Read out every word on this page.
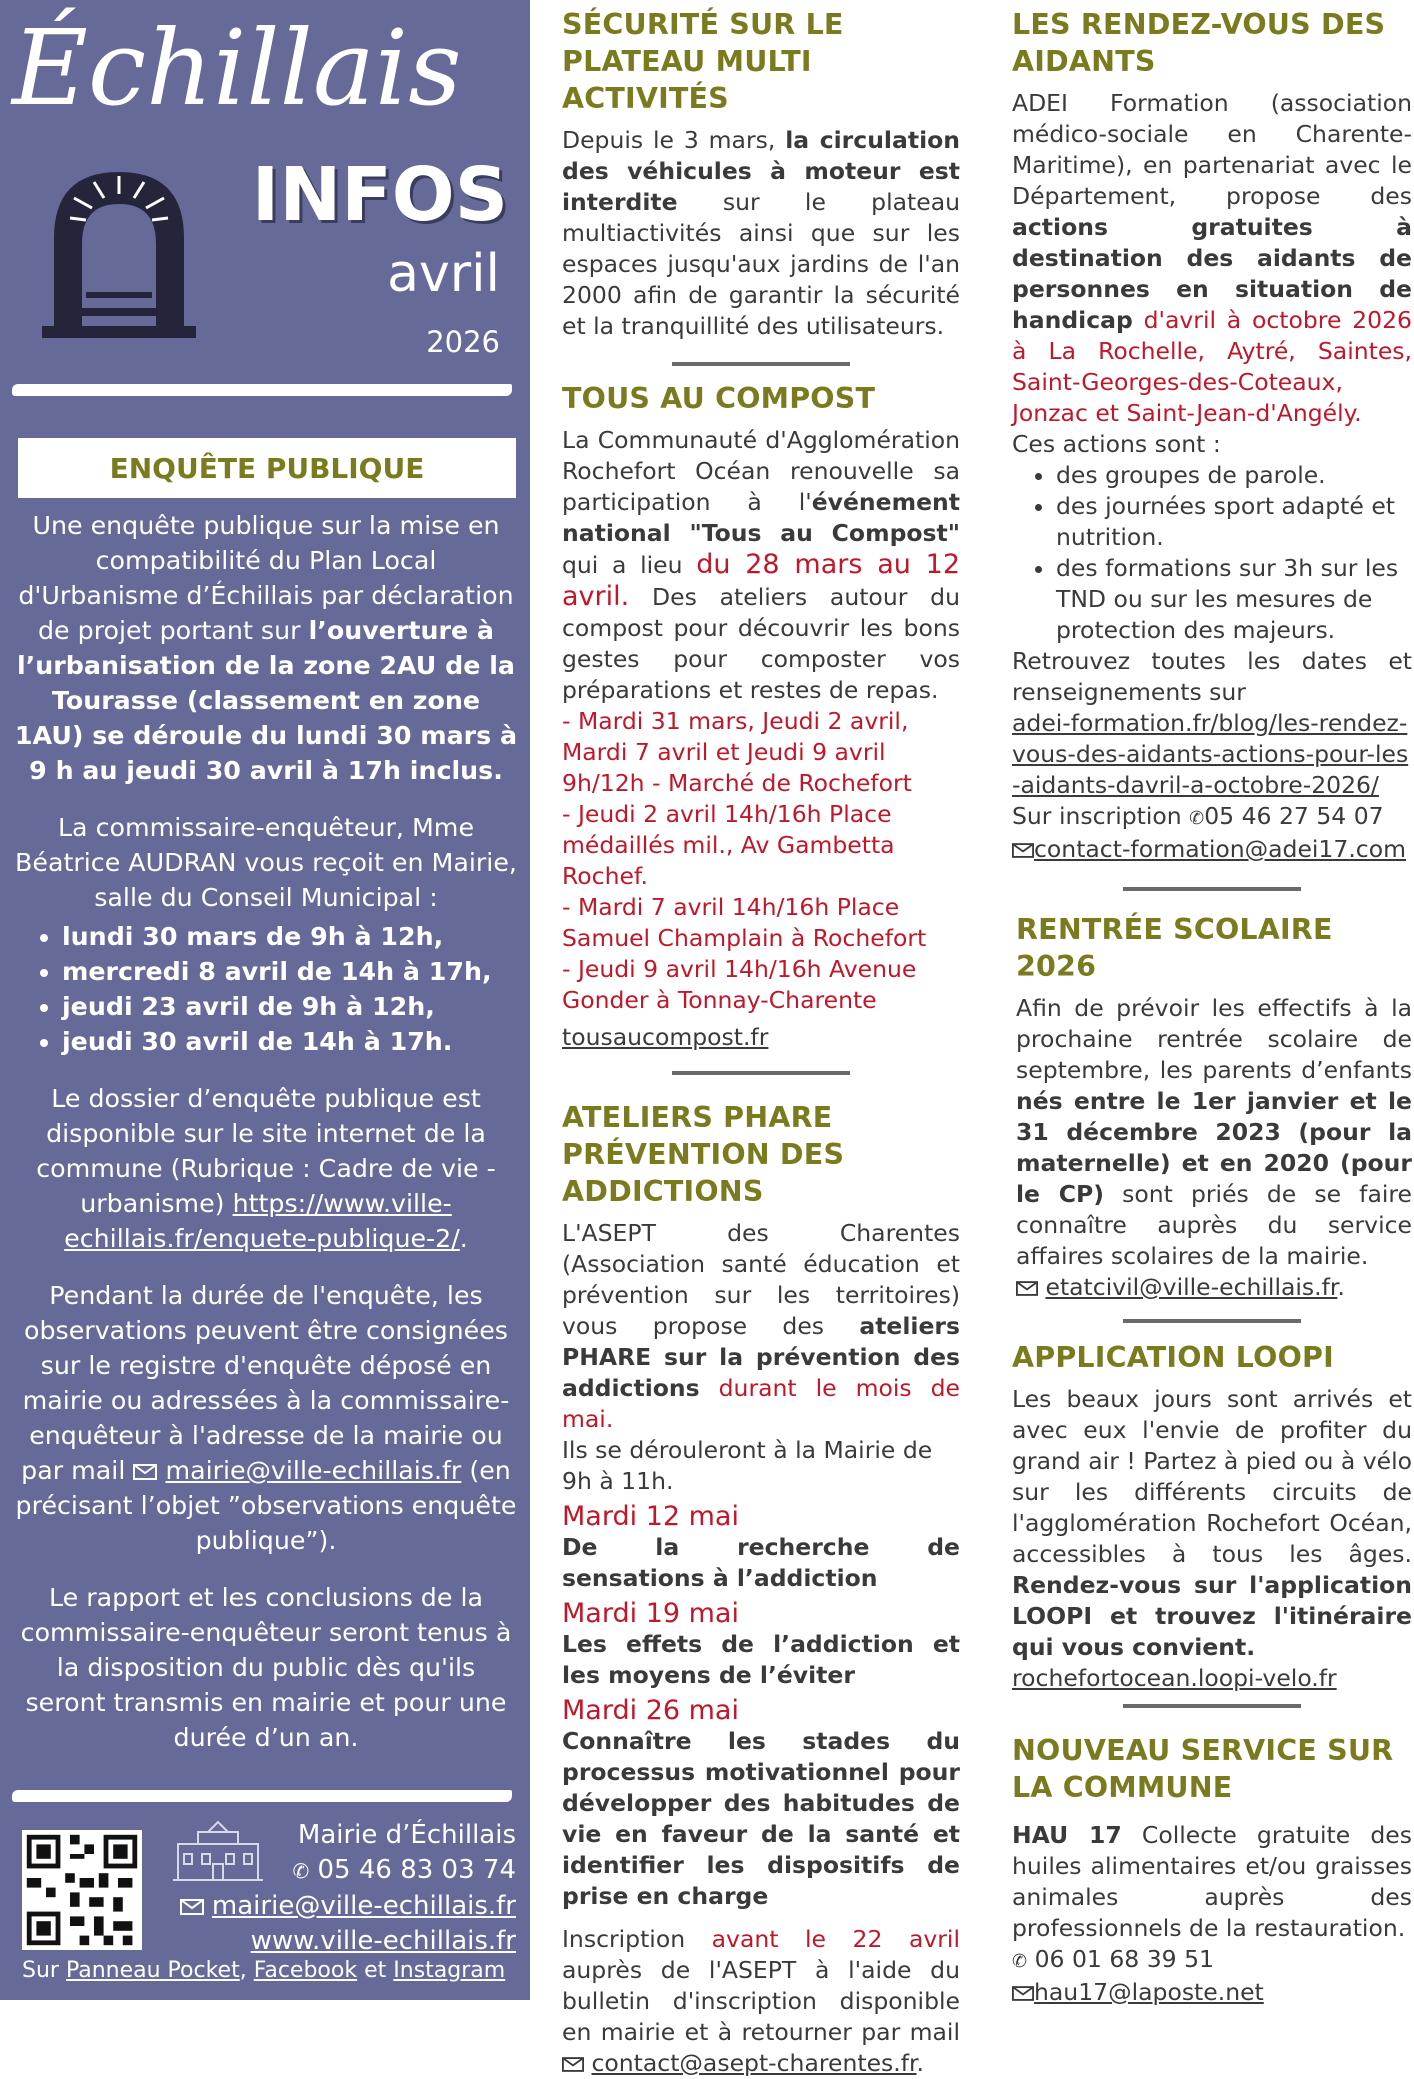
Échillais
INFOS
avril
2026
ENQUÊTE PUBLIQUE

Une enquête publique sur la mise en compatibilité du Plan Local d'Urbanisme d’Échillais par déclaration de projet portant sur l’ouverture à l’urbanisation de la zone 2AU de la Tourasse (classement en zone 1AU) se déroule du lundi 30 mars à 9 h au jeudi 30 avril à 17h inclus.

La commissaire-enquêteur, Mme Béatrice AUDRAN vous reçoit en Mairie, salle du Conseil Municipal :

• lundi 30 mars de 9h à 12h,
• mercredi 8 avril de 14h à 17h,
• jeudi 23 avril de 9h à 12h,
• jeudi 30 avril de 14h à 17h.

Le dossier d’enquête publique est disponible sur le site internet de la commune (Rubrique : Cadre de vie - urbanisme) https://www.ville-echillais.fr/enquete-publique-2/.

Pendant la durée de l'enquête, les observations peuvent être consignées sur le registre d'enquête déposé en mairie ou adressées à la commissaire-enquêteur à l'adresse de la mairie ou par mail mairie@ville-echillais.fr (en précisant l’objet ”observations enquête publique”).

Le rapport et les conclusions de la commissaire-enquêteur seront tenus à la disposition du public dès qu'ils seront transmis en mairie et pour une durée d’un an.

Mairie d’Échillais
✆ 05 46 83 03 74
mairie@ville-echillais.fr
www.ville-echillais.fr
Sur Panneau Pocket, Facebook et Instagram
SÉCURITÉ SUR LE PLATEAU MULTI ACTIVITÉS
Depuis le 3 mars, la circulation des véhicules à moteur est interdite sur le plateau multiactivités ainsi que sur les espaces jusqu'aux jardins de l'an 2000 afin de garantir la sécurité et la tranquillité des utilisateurs.
TOUS AU COMPOST
La Communauté d'Agglomération Rochefort Océan renouvelle sa participation à l'événement national "Tous au Compost" qui a lieu du 28 mars au 12 avril. Des ateliers autour du compost pour découvrir les bons gestes pour composter vos préparations et restes de repas.

- Mardi 31 mars, Jeudi 2 avril, Mardi 7 avril et Jeudi 9 avril 9h/12h - Marché de Rochefort

- Jeudi 2 avril 14h/16h Place médaillés mil., Av Gambetta Rochef.

- Mardi 7 avril 14h/16h Place Samuel Champlain à Rochefort

- Jeudi 9 avril 14h/16h Avenue Gonder à Tonnay-Charente

tousaucompost.fr
ATELIERS PHARE PRÉVENTION DES ADDICTIONS
L'ASEPT des Charentes (Association santé éducation et prévention sur les territoires) vous propose des ateliers PHARE sur la prévention des addictions durant le mois de mai.

Ils se dérouleront à la Mairie de 9h à 11h.

Mardi 12 mai
De la recherche de sensations à l’addiction
Mardi 19 mai
Les effets de l’addiction et les moyens de l’éviter
Mardi 26 mai
Connaître les stades du processus motivationnel pour développer des habitudes de vie en faveur de la santé et identifier les dispositifs de prise en charge
Inscription avant le 22 avril auprès de l'ASEPT à l'aide du bulletin d'inscription disponible en mairie et à retourner par mail  contact@asept-charentes.fr.
LES RENDEZ-VOUS DES AIDANTS
ADEI Formation (association médico-sociale en Charente-Maritime), en partenariat avec le Département, propose des actions gratuites à destination des aidants de personnes en situation de handicap d'avril à octobre 2026 à La Rochelle, Aytré, Saintes, Saint-Georges-des-Coteaux, Jonzac et Saint-Jean-d'Angély.

Ces actions sont :

• des groupes de parole.
• des journées sport adapté et nutrition.
• des formations sur 3h sur les TND ou sur les mesures de protection des majeurs.

Retrouvez toutes les dates et renseignements sur

adei-formation.fr/blog/les-rendez-vous-des-aidants-actions-pour-les-aidants-davril-a-octobre-2026/

Sur inscription ✆05 46 27 54 07

contact-formation@adei17.com

RENTRÉE SCOLAIRE 2026
Afin de prévoir les effectifs à la prochaine rentrée scolaire de septembre, les parents d’enfants nés entre le 1er janvier et le 31 décembre 2023 (pour la maternelle) et en 2020 (pour le CP) sont priés de se faire connaître auprès du service affaires scolaires de la mairie.

etatcivil@ville-echillais.fr.

APPLICATION LOOPI
Les beaux jours sont arrivés et avec eux l'envie de profiter du grand air ! Partez à pied ou à vélo sur les différents circuits de l'agglomération Rochefort Océan, accessibles à tous les âges. Rendez-vous sur l'application LOOPI et trouvez l'itinéraire qui vous convient.

rochefortocean.loopi-velo.fr

NOUVEAU SERVICE SUR LA COMMUNE
HAU 17 Collecte gratuite des huiles alimentaires et/ou graisses animales auprès des professionnels de la restauration.

✆ 06 01 68 39 51

hau17@laposte.net
